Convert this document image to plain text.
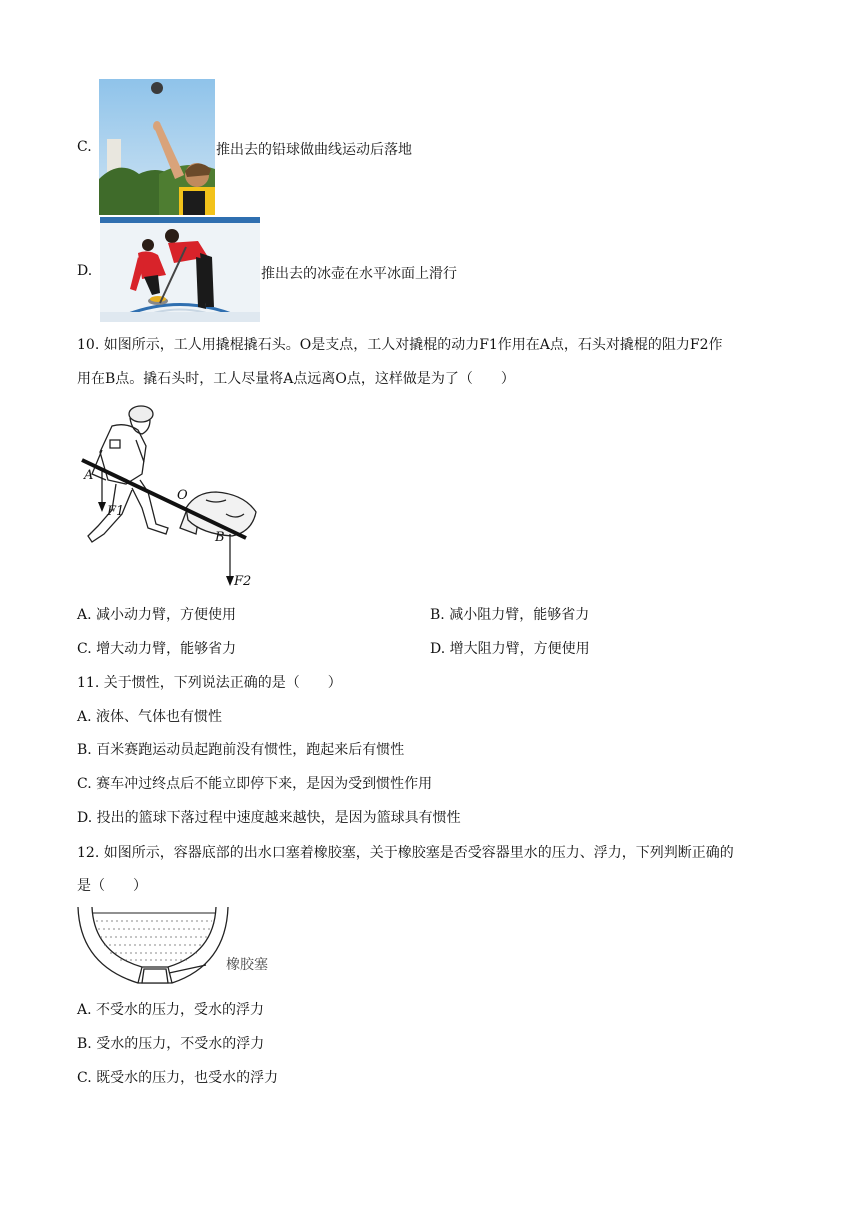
C.	推出去的铅球做曲线运动后落地
D.	推出去的冰壶在水平冰面上滑行
10. 如图所示，工人用撬棍撬石头。O是支点，工人对撬棍的动力F1作用在A点，石头对撬棍的阻力F2作
用在B点。撬石头时，工人尽量将A点远离O点，这样做是为了（　　）
A
O
B
F1
F2
A. 减小动力臂，方便使用	B. 减小阻力臂，能够省力
C. 增大动力臂，能够省力	D. 增大阻力臂，方便使用
11. 关于惯性，下列说法正确的是（　　）
A. 液体、气体也有惯性
B. 百米赛跑运动员起跑前没有惯性，跑起来后有惯性
C. 赛车冲过终点后不能立即停下来，是因为受到惯性作用
D. 投出的篮球下落过程中速度越来越快，是因为篮球具有惯性
12. 如图所示，容器底部的出水口塞着橡胶塞，关于橡胶塞是否受容器里水的压力、浮力，下列判断正确的
是（　　）
橡胶塞
A. 不受水的压力，受水的浮力
B. 受水的压力，不受水的浮力
C. 既受水的压力，也受水的浮力
